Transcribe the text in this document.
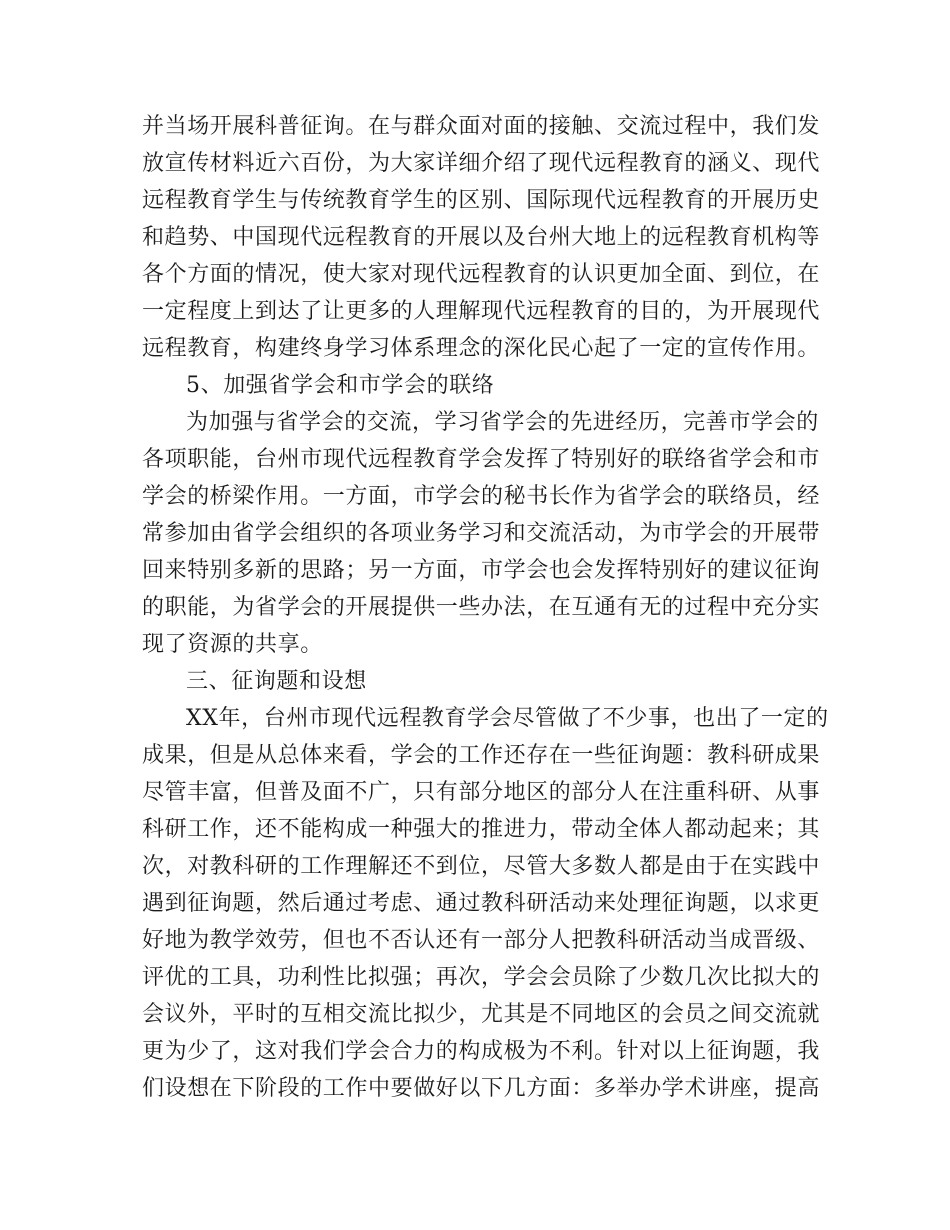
并当场开展科普征询。在与群众面对面的接触、交流过程中，我们发
放宣传材料近六百份，为大家详细介绍了现代远程教育的涵义、现代
远程教育学生与传统教育学生的区别、国际现代远程教育的开展历史
和趋势、中国现代远程教育的开展以及台州大地上的远程教育机构等
各个方面的情况，使大家对现代远程教育的认识更加全面、到位，在
一定程度上到达了让更多的人理解现代远程教育的目的，为开展现代
远程教育，构建终身学习体系理念的深化民心起了一定的宣传作用。
5、加强省学会和市学会的联络
为加强与省学会的交流，学习省学会的先进经历，完善市学会的
各项职能，台州市现代远程教育学会发挥了特别好的联络省学会和市
学会的桥梁作用。一方面，市学会的秘书长作为省学会的联络员，经
常参加由省学会组织的各项业务学习和交流活动，为市学会的开展带
回来特别多新的思路；另一方面，市学会也会发挥特别好的建议征询
的职能，为省学会的开展提供一些办法，在互通有无的过程中充分实
现了资源的共享。
三、征询题和设想
XX年，台州市现代远程教育学会尽管做了不少事，也出了一定的
成果，但是从总体来看，学会的工作还存在一些征询题：教科研成果
尽管丰富，但普及面不广，只有部分地区的部分人在注重科研、从事
科研工作，还不能构成一种强大的推进力，带动全体人都动起来；其
次，对教科研的工作理解还不到位，尽管大多数人都是由于在实践中
遇到征询题，然后通过考虑、通过教科研活动来处理征询题，以求更
好地为教学效劳，但也不否认还有一部分人把教科研活动当成晋级、
评优的工具，功利性比拟强；再次，学会会员除了少数几次比拟大的
会议外，平时的互相交流比拟少，尤其是不同地区的会员之间交流就
更为少了，这对我们学会合力的构成极为不利。针对以上征询题，我
们设想在下阶段的工作中要做好以下几方面：多举办学术讲座，提高
